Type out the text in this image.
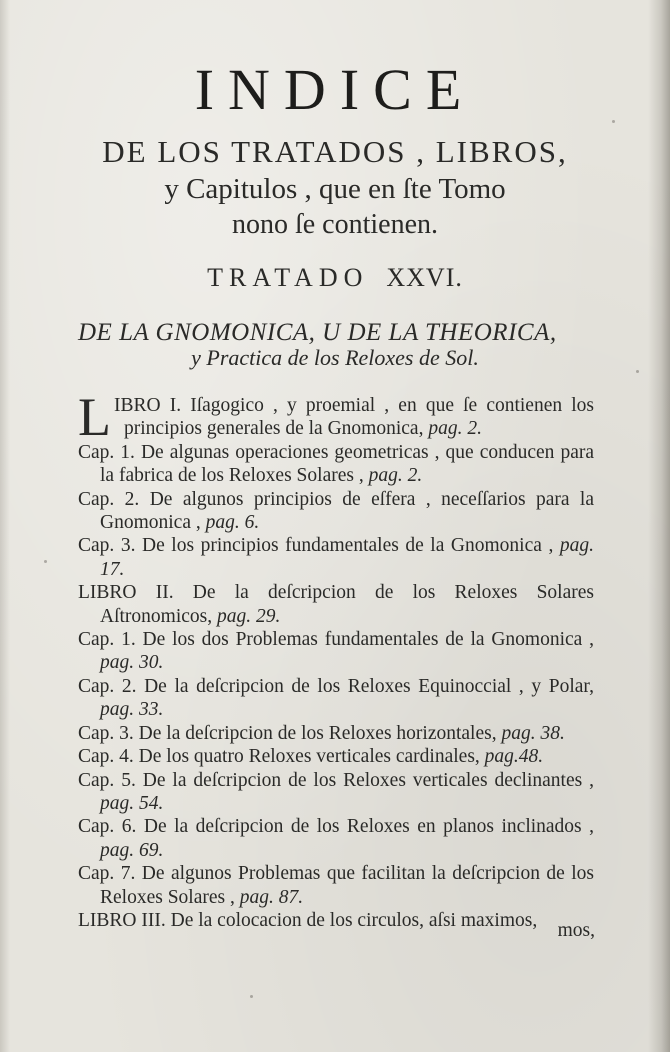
INDICE
DE LOS TRATADOS , LIBROS,
y Capitulos , que en ſte Tomo
nono ſe contienen.
TRATADO XXVI.
DE LA GNOMONICA, U DE LA THEORICA,
y Practica de los Reloxes de Sol.

L IBRO I. Iſagogico , y proemial , en que ſe contienen los principios generales de la Gnomonica, pag. 2.

Cap. 1. De algunas operaciones geometricas , que conducen para la fabrica de los Reloxes Solares , pag. 2.

Cap. 2. De algunos principios de eſfera , neceſſarios para la Gnomonica , pag. 6.

Cap. 3. De los principios fundamentales de la Gnomonica , pag. 17.

LIBRO II. De la deſcripcion de los Reloxes Solares Aſtronomicos, pag. 29.

Cap. 1. De los dos Problemas fundamentales de la Gnomonica , pag. 30.

Cap. 2. De la deſcripcion de los Reloxes Equinoccial , y Polar, pag. 33.

Cap. 3. De la deſcripcion de los Reloxes horizontales, pag. 38.

Cap. 4. De los quatro Reloxes verticales cardinales, pag.48.

Cap. 5. De la deſcripcion de los Reloxes verticales declinantes , pag. 54.

Cap. 6. De la deſcripcion de los Reloxes en planos inclinados , pag. 69.

Cap. 7. De algunos Problemas que facilitan la deſcripcion de los Reloxes Solares , pag. 87.

LIBRO III. De la colocacion de los circulos, aſsi maximos,	mos,
